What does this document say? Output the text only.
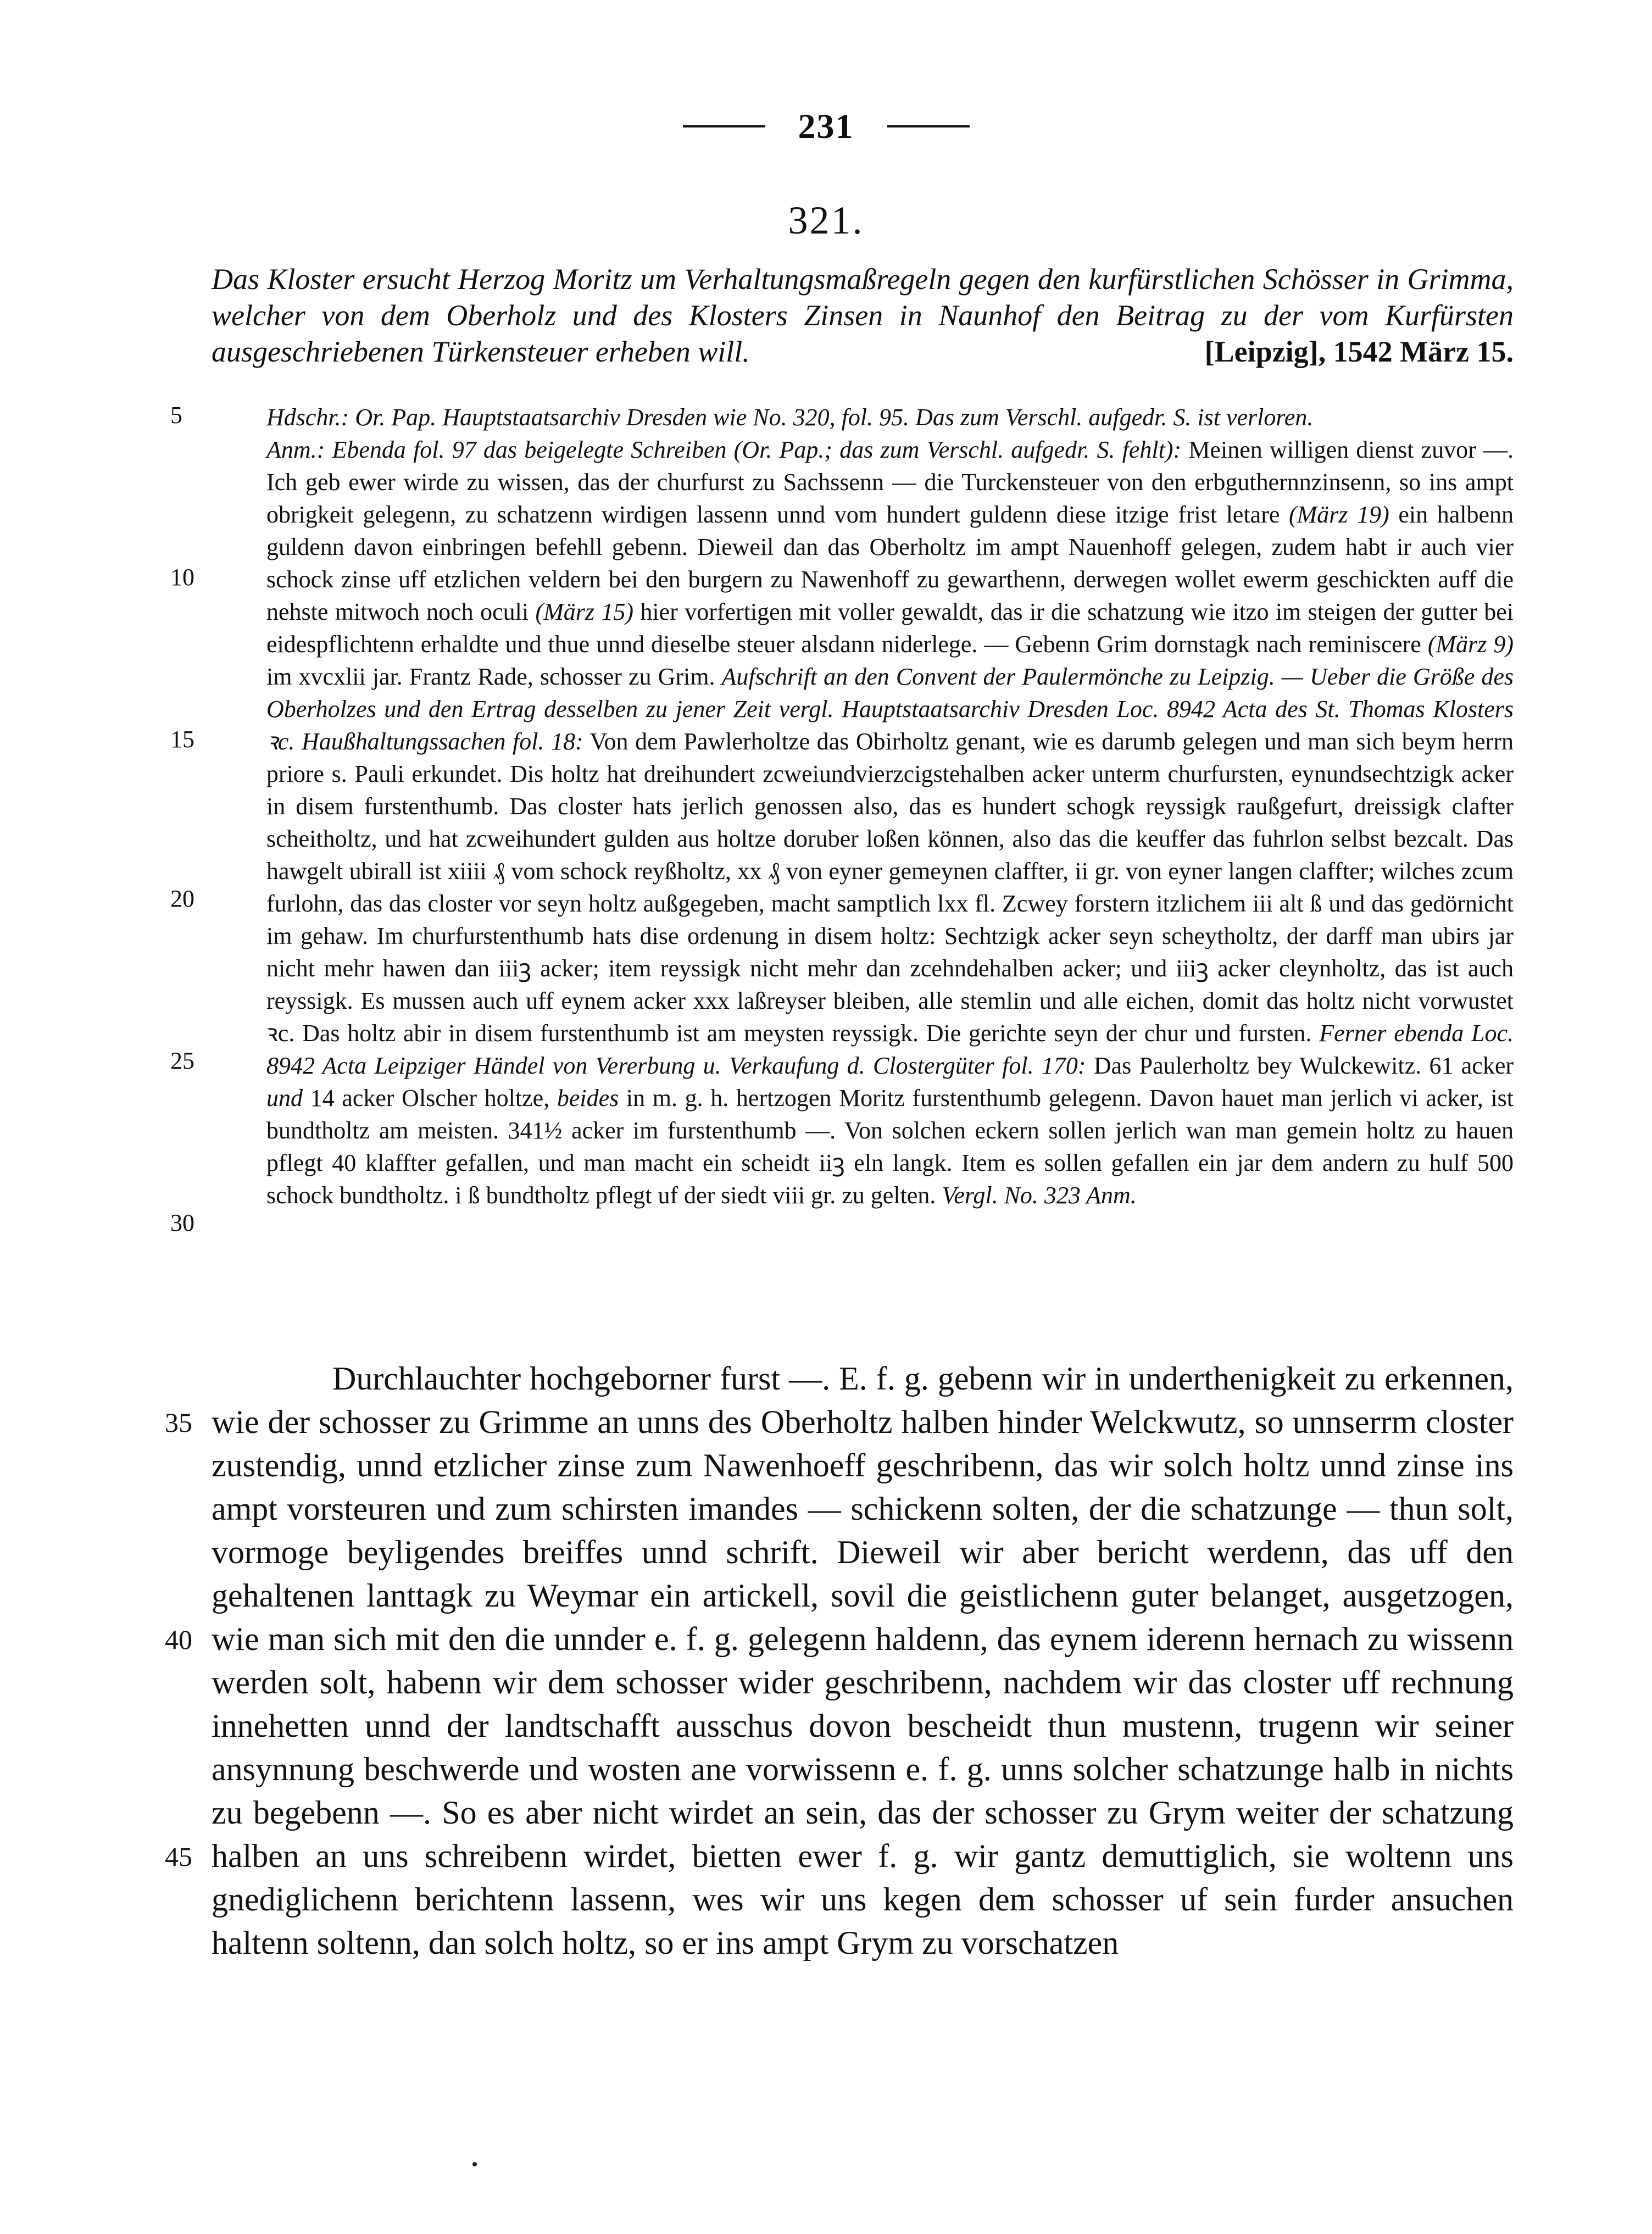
231
321.
Das Kloster ersucht Herzog Moritz um Verhaltungsmaßregeln gegen den kurfürstlichen Schösser in Grimma, welcher von dem Oberholz und des Klosters Zinsen in Naunhof den Beitrag zu der vom Kurfürsten ausgeschriebenen Türkensteuer erheben will.	[Leipzig], 1542 März 15.
5
10
15
20
25
30
35
40
45

Hdschr.: Or. Pap. Hauptstaatsarchiv Dresden wie No. 320, fol. 95. Das zum Verschl. aufgedr. S. ist verloren.

Anm.: Ebenda fol. 97 das beigelegte Schreiben (Or. Pap.; das zum Verschl. aufgedr. S. fehlt): Meinen willigen dienst zuvor —. Ich geb ewer wirde zu wissen, das der churfurst zu Sachssenn — die Turckensteuer von den erbguthernnzinsenn, so ins ampt obrigkeit gelegenn, zu schatzenn wirdigen lassenn unnd vom hundert guldenn diese itzige frist letare (März 19) ein halbenn guldenn davon einbringen befehll gebenn. Dieweil dan das Oberholtz im ampt Nauenhoff gelegen, zudem habt ir auch vier schock zinse uff etzlichen veldern bei den burgern zu Nawenhoff zu gewarthenn, derwegen wollet ewerm geschickten auff die nehste mitwoch noch oculi (März 15) hier vorfertigen mit voller gewaldt, das ir die schatzung wie itzo im steigen der gutter bei eidespflichtenn erhaldte und thue unnd dieselbe steuer alsdann niderlege. — Gebenn Grim dornstagk nach reminiscere (März 9) im xvcxlii jar. Frantz Rade, schosser zu Grim. Aufschrift an den Convent der Paulermönche zu Leipzig. — Ueber die Größe des Oberholzes und den Ertrag desselben zu jener Zeit vergl. Hauptstaatsarchiv Dresden Loc. 8942 Acta des St. Thomas Klosters ꝛc. Haußhaltungssachen fol. 18: Von dem Pawlerholtze das Obirholtz genant, wie es darumb gelegen und man sich beym herrn priore s. Pauli erkundet. Dis holtz hat dreihundert zcweiundvierzcigstehalben acker unterm churfursten, eynundsechtzigk acker in disem furstenthumb. Das closter hats jerlich genossen also, das es hundert schogk reyssigk raußgefurt, dreissigk clafter scheitholtz, und hat zcweihundert gulden aus holtze doruber loßen können, also das die keuffer das fuhrlon selbst bezcalt. Das hawgelt ubirall ist xiiii ₰ vom schock reyßholtz, xx ₰ von eyner gemeynen claffter, ii gr. von eyner langen claffter; wilches zcum furlohn, das das closter vor seyn holtz außgegeben, macht samptlich lxx fl. Zcwey forstern itzlichem iii alt ß und das gedörnicht im gehaw. Im churfurstenthumb hats dise ordenung in disem holtz: Sechtzigk acker seyn scheytholtz, der darff man ubirs jar nicht mehr hawen dan iiiꝫ acker; item reyssigk nicht mehr dan zcehndehalben acker; und iiiꝫ acker cleynholtz, das ist auch reyssigk. Es mussen auch uff eynem acker xxx laßreyser bleiben, alle stemlin und alle eichen, domit das holtz nicht vorwustet ꝛc. Das holtz abir in disem furstenthumb ist am meysten reyssigk. Die gerichte seyn der chur und fursten. Ferner ebenda Loc. 8942 Acta Leipziger Händel von Vererbung u. Verkaufung d. Clostergüter fol. 170: Das Paulerholtz bey Wulckewitz. 61 acker und 14 acker Olscher holtze, beides in m. g. h. hertzogen Moritz furstenthumb gelegenn. Davon hauet man jerlich vi acker, ist bundtholtz am meisten. 341½ acker im furstenthumb —. Von solchen eckern sollen jerlich wan man gemein holtz zu hauen pflegt 40 klaffter gefallen, und man macht ein scheidt iiꝫ eln langk. Item es sollen gefallen ein jar dem andern zu hulf 500 schock bundtholtz. i ß bundtholtz pflegt uf der siedt viii gr. zu gelten. Vergl. No. 323 Anm.

Durchlauchter hochgeborner furst —. E. f. g. gebenn wir in underthenigkeit zu erkennen, wie der schosser zu Grimme an unns des Oberholtz halben hinder Welckwutz, so unnserrm closter zustendig, unnd etzlicher zinse zum Nawenhoeff geschribenn, das wir solch holtz unnd zinse ins ampt vorsteuren und zum schirsten imandes — schickenn solten, der die schatzunge — thun solt, vormoge beyligendes breiffes unnd schrift. Dieweil wir aber bericht werdenn, das uff den gehaltenen lanttagk zu Weymar ein artickell, sovil die geistlichenn guter belanget, ausgetzogen, wie man sich mit den die unnder e. f. g. gelegenn haldenn, das eynem iderenn hernach zu wissenn werden solt, habenn wir dem schosser wider geschribenn, nachdem wir das closter uff rechnung innehetten unnd der landtschafft ausschus dovon bescheidt thun mustenn, trugenn wir seiner ansynnung beschwerde und wosten ane vorwissenn e. f. g. unns solcher schatzunge halb in nichts zu begebenn —. So es aber nicht wirdet an sein, das der schosser zu Grym weiter der schatzung halben an uns schreibenn wirdet, bietten ewer f. g. wir gantz demuttiglich, sie woltenn uns gnediglichenn berichtenn lassenn, wes wir uns kegen dem schosser uf sein furder ansuchen haltenn soltenn, dan solch holtz, so er ins ampt Grym zu vorschatzen
